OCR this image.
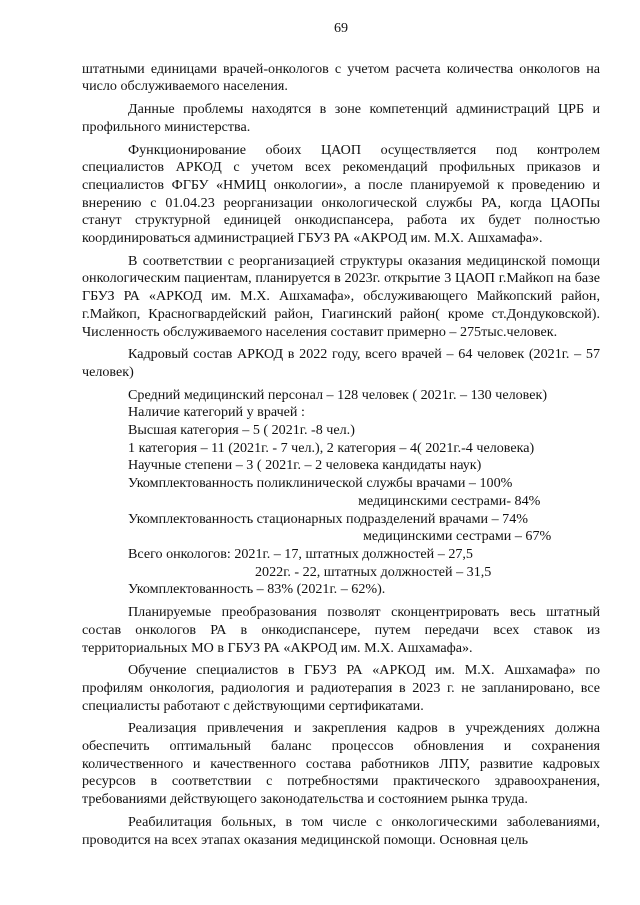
69

штатными единицами врачей-онкологов с учетом расчета количества онкологов на число обслуживаемого населения.

Данные проблемы находятся в зоне компетенций администраций ЦРБ и профильного министерства.

Функционирование обоих ЦАОП осуществляется под контролем специалистов АРКОД с учетом всех рекомендаций профильных приказов и специалистов ФГБУ «НМИЦ онкологии», а после планируемой к проведению и внерению с 01.04.23 реорганизации онкологической службы РА, когда ЦАОПы станут структурной единицей онкодиспансера, работа их будет полностью координироваться администрацией ГБУЗ РА «АКРОД им. М.Х. Ашхамафа».

В соответствии с реорганизацией структуры оказания медицинской помощи онкологическим пациентам, планируется в 2023г. открытие 3 ЦАОП г.Майкоп на базе ГБУЗ РА «АРКОД им. М.Х. Ашхамафа», обслуживающего Майкопский район, г.Майкоп, Красногвардейский район, Гиагинский район( кроме ст.Дондуковской). Численность обслуживаемого населения составит примерно – 275тыс.человек.

Кадровый состав АРКОД в 2022 году, всего врачей – 64 человек (2021г. – 57 человек)

Средний медицинский персонал – 128 человек ( 2021г. – 130 человек)
Наличие категорий у врачей :
Высшая категория – 5 ( 2021г. -8 чел.)
1 категория – 11 (2021г. - 7 чел.), 2 категория – 4( 2021г.-4 человека)
Научные степени – 3 ( 2021г. – 2 человека кандидаты наук)
Укомплектованность поликлинической службы врачами – 100%
медицинскими сестрами- 84%
Укомплектованность стационарных подразделений врачами – 74%
медицинскими сестрами – 67%
Всего онкологов: 2021г. – 17, штатных должностей – 27,5
2022г. - 22, штатных должностей – 31,5
Укомплектованность – 83% (2021г. – 62%).

Планируемые преобразования позволят сконцентрировать весь штатный состав онкологов РА в онкодиспансере, путем передачи всех ставок из территориальных МО в ГБУЗ РА «АКРОД им. М.Х. Ашхамафа».

Обучение специалистов в ГБУЗ РА «АРКОД им. М.Х. Ашхамафа» по профилям онкология, радиология и радиотерапия в 2023 г. не запланировано, все специалисты работают с действующими сертификатами.

Реализация привлечения и закрепления кадров в учреждениях должна обеспечить оптимальный баланс процессов обновления и сохранения количественного и качественного состава работников ЛПУ, развитие кадровых ресурсов в соответствии с потребностями практического здравоохранения, требованиями действующего законодательства и состоянием рынка труда.

Реабилитация больных, в том числе с онкологическими заболеваниями, проводится на всех этапах оказания медицинской помощи. Основная цель
